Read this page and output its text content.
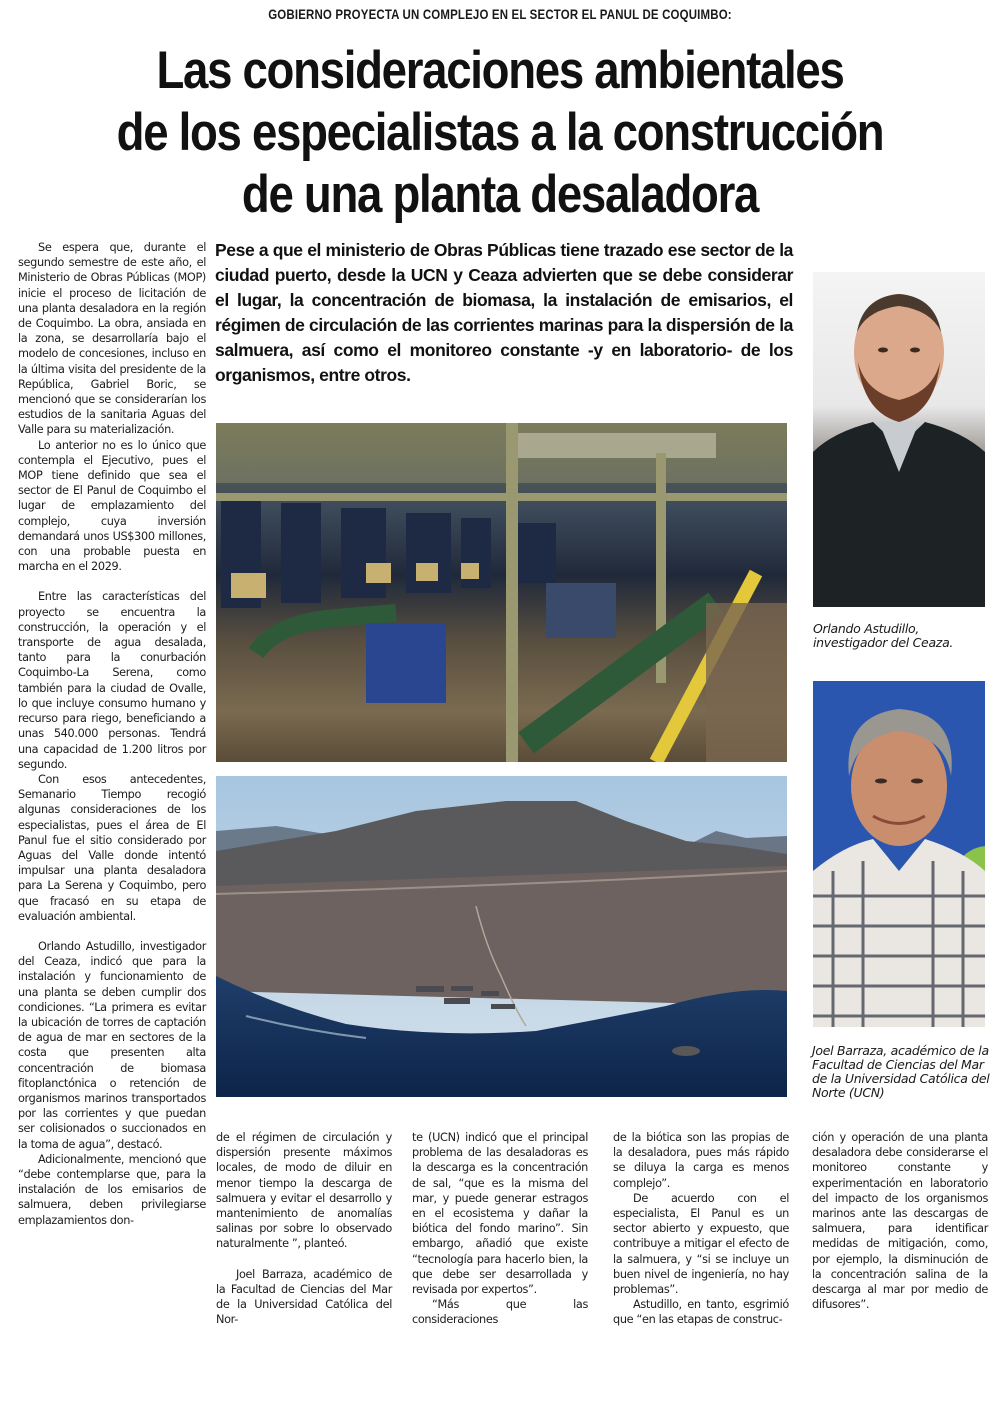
GOBIERNO PROYECTA UN COMPLEJO EN EL SECTOR EL PANUL DE COQUIMBO:
Las consideraciones ambientales
de los especialistas a la construcción
de una planta desaladora
Pese a que el ministerio de Obras Públicas tiene trazado ese sector de la ciudad puerto, desde la UCN y Ceaza advierten que se debe considerar el lugar, la concentración de biomasa, la instalación de emisarios, el régimen de circulación de las corrientes marinas para la dispersión de la salmuera, así como el monitoreo constante -y en laboratorio- de los organismos, entre otros.

Se espera que, durante el segundo semestre de este año, el Ministerio de Obras Públicas (MOP) inicie el proceso de licitación de una planta desaladora en la región de Coquimbo. La obra, ansiada en la zona, se desarrollaría bajo el modelo de concesiones, incluso en la última visita del presidente de la República, Gabriel Boric, se mencionó que se considerarían los estudios de la sanitaria Aguas del Valle para su materialización.

Lo anterior no es lo único que contempla el Ejecutivo, pues el MOP tiene definido que sea el sector de El Panul de Coquimbo el lugar de emplazamiento del complejo, cuya inversión demandará unos US$300 millones, con una probable puesta en marcha en el 2029.

Entre las características del proyecto se encuentra la construcción, la operación y el transporte de agua desalada, tanto para la conurbación Coquimbo-La Serena, como también para la ciudad de Ovalle, lo que incluye consumo humano y recurso para riego, beneficiando a unas 540.000 personas. Tendrá una capacidad de 1.200 litros por segundo.

Con esos antecedentes, Semanario Tiempo recogió algunas consideraciones de los especialistas, pues el área de El Panul fue el sitio considerado por Aguas del Valle donde intentó impulsar una planta desaladora para La Serena y Coquimbo, pero que fracasó en su etapa de evaluación ambiental.

Orlando Astudillo, investigador del Ceaza, indicó que para la instalación y funcionamiento de una planta se deben cumplir dos condiciones. “La primera es evitar la ubicación de torres de captación de agua de mar en sectores de la costa que presenten alta concentración de biomasa fitoplanctónica o retención de organismos marinos transportados por las corrientes y que puedan ser colisionados o succionados en la toma de agua”, destacó.

Adicionalmente, mencionó que “debe contemplarse que, para la instalación de los emisarios de salmuera, deben privilegiarse emplazamientos don-

Orlando Astudillo, investigador del Ceaza.
Joel Barraza, académico de la Facultad de Ciencias del Mar de la Universidad Católica del Norte (UCN)

de el régimen de circulación y dispersión presente máximos locales, de modo de diluir en menor tiempo la descarga de salmuera y evitar el desarrollo y mantenimiento de anomalías salinas por sobre lo observado naturalmente ”, planteó.

Joel Barraza, académico de la Facultad de Ciencias del Mar de la Universidad Católica del Nor-

te (UCN) indicó que el principal problema de las desaladoras es la descarga es la concentración de sal, “que es la misma del mar, y puede generar estragos en el ecosistema y dañar la biótica del fondo marino”. Sin embargo, añadió que existe “tecnología para hacerlo bien, la que debe ser desarrollada y revisada por expertos”.

“Más que las consideraciones

de la biótica son las propias de la desaladora, pues más rápido se diluya la carga es menos complejo”.

De acuerdo con el especialista, El Panul es un sector abierto y expuesto, que contribuye a mitigar el efecto de la salmuera, y “si se incluye un buen nivel de ingeniería, no hay problemas”.

Astudillo, en tanto, esgrimió que “en las etapas de construc-

ción y operación de una planta desaladora debe considerarse el monitoreo constante y experimentación en laboratorio del impacto de los organismos marinos ante las descargas de salmuera, para identificar medidas de mitigación, como, por ejemplo, la disminución de la concentración salina de la descarga al mar por medio de difusores”.
